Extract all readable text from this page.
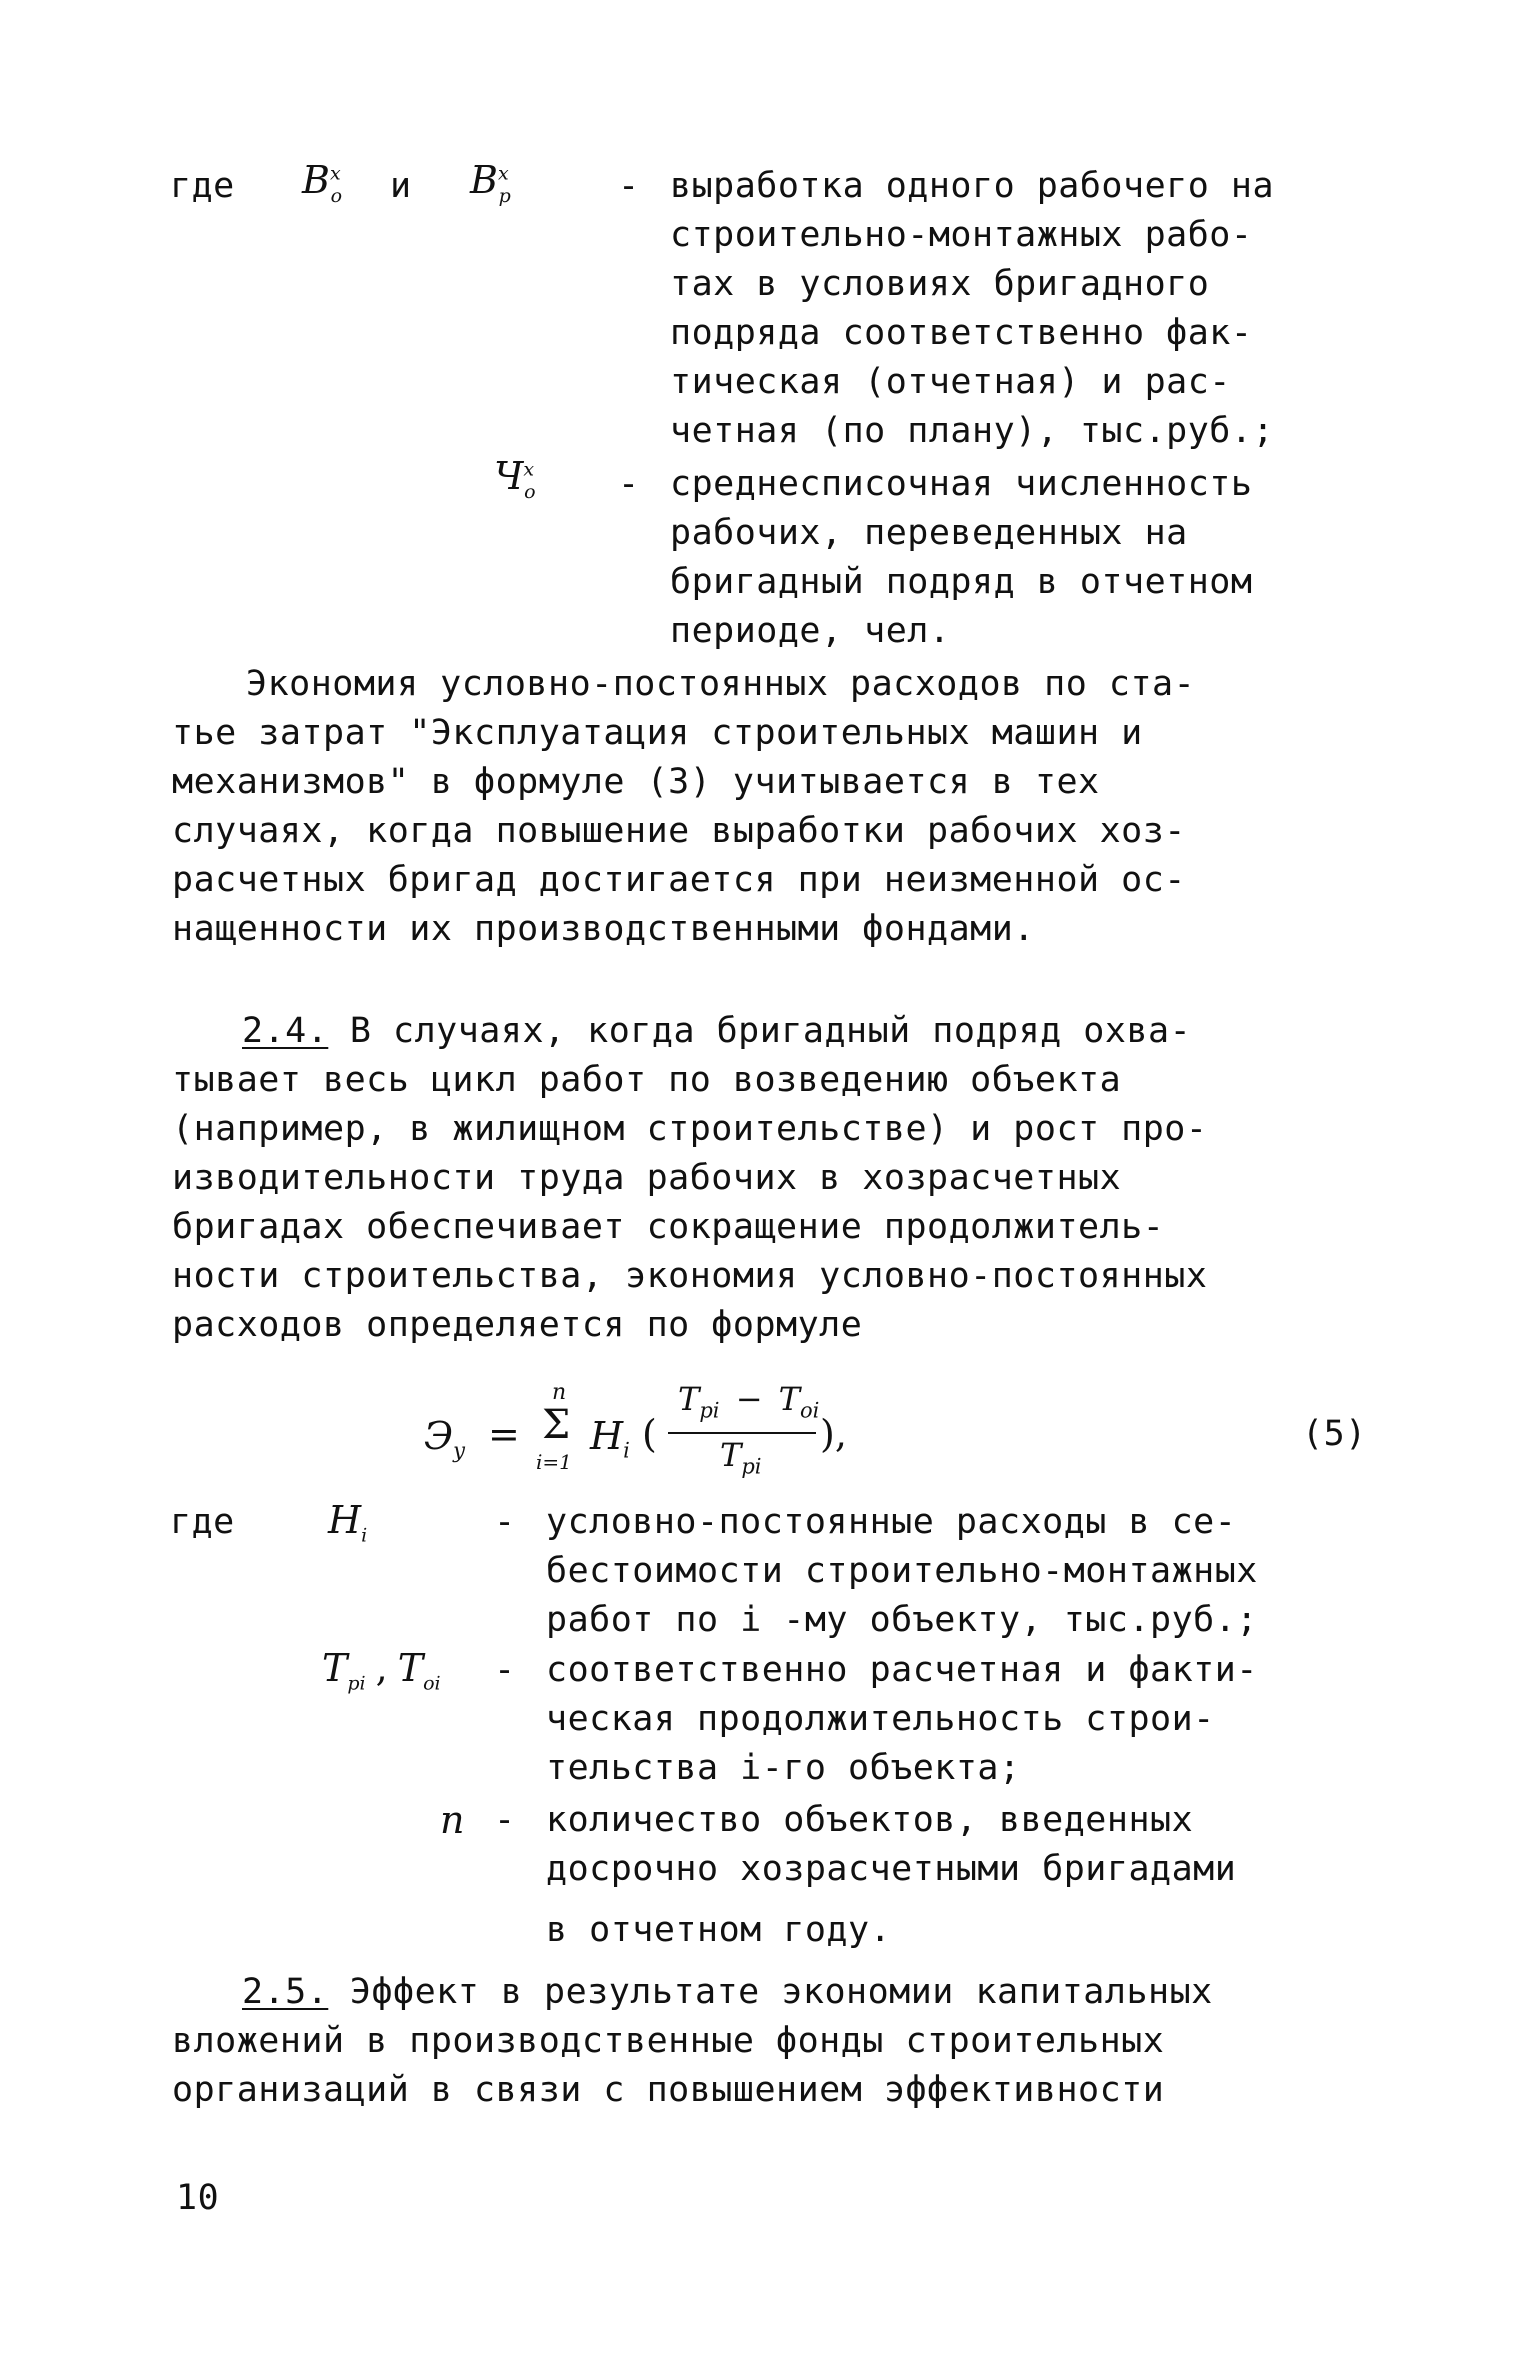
где $B^х_о$ и $B^х_р$	- выработка одного рабочего на
строительно-монтажных рабо-
тах в условиях бригадного
подряда соответственно фак-
тическая (отчетная) и рас-
четная (по плану), тыс.руб.;
$Ч^х_о$ - среднесписочная численность
рабочих, переведенных на
бригадный подряд в отчетном
периоде, чел.
Экономия условно-постоянных расходов по ста-
тье затрат "Эксплуатация строительных машин и
механизмов" в формуле (3) учитывается в тех
случаях, когда повышение выработки рабочих хоз-
расчетных бригад достигается при неизменной ос-
нащенности их производственными фондами.
2.4. В случаях, когда бригадный подряд охва-
тывает весь цикл работ по возведению объекта
(например, в жилищном строительстве) и рост про-
изводительности труда рабочих в хозрасчетных
бригадах обеспечивает сокращение продолжитель-
ности строительства, экономия условно-постоянных
расходов определяется по формуле
$Э_у$ =
n
Σ
i=1
$H_i$ (
$T_{pi} - T_{oi}$
$T_{pi}$
),	(5)
где $H_i$	- условно-постоянные расходы в се-
бестоимости строительно-монтажных
работ по i -му объекту, тыс.руб.;
$T_{pi}$ , $T_{oi}$ - соответственно расчетная и факти-
ческая продолжительность строи-
тельства i-го объекта;
n - количество объектов, введенных
досрочно хозрасчетными бригадами
в отчетном году.
2.5. Эффект в результате экономии капитальных
вложений в производственные фонды строительных
организаций в связи с повышением эффективности
10
